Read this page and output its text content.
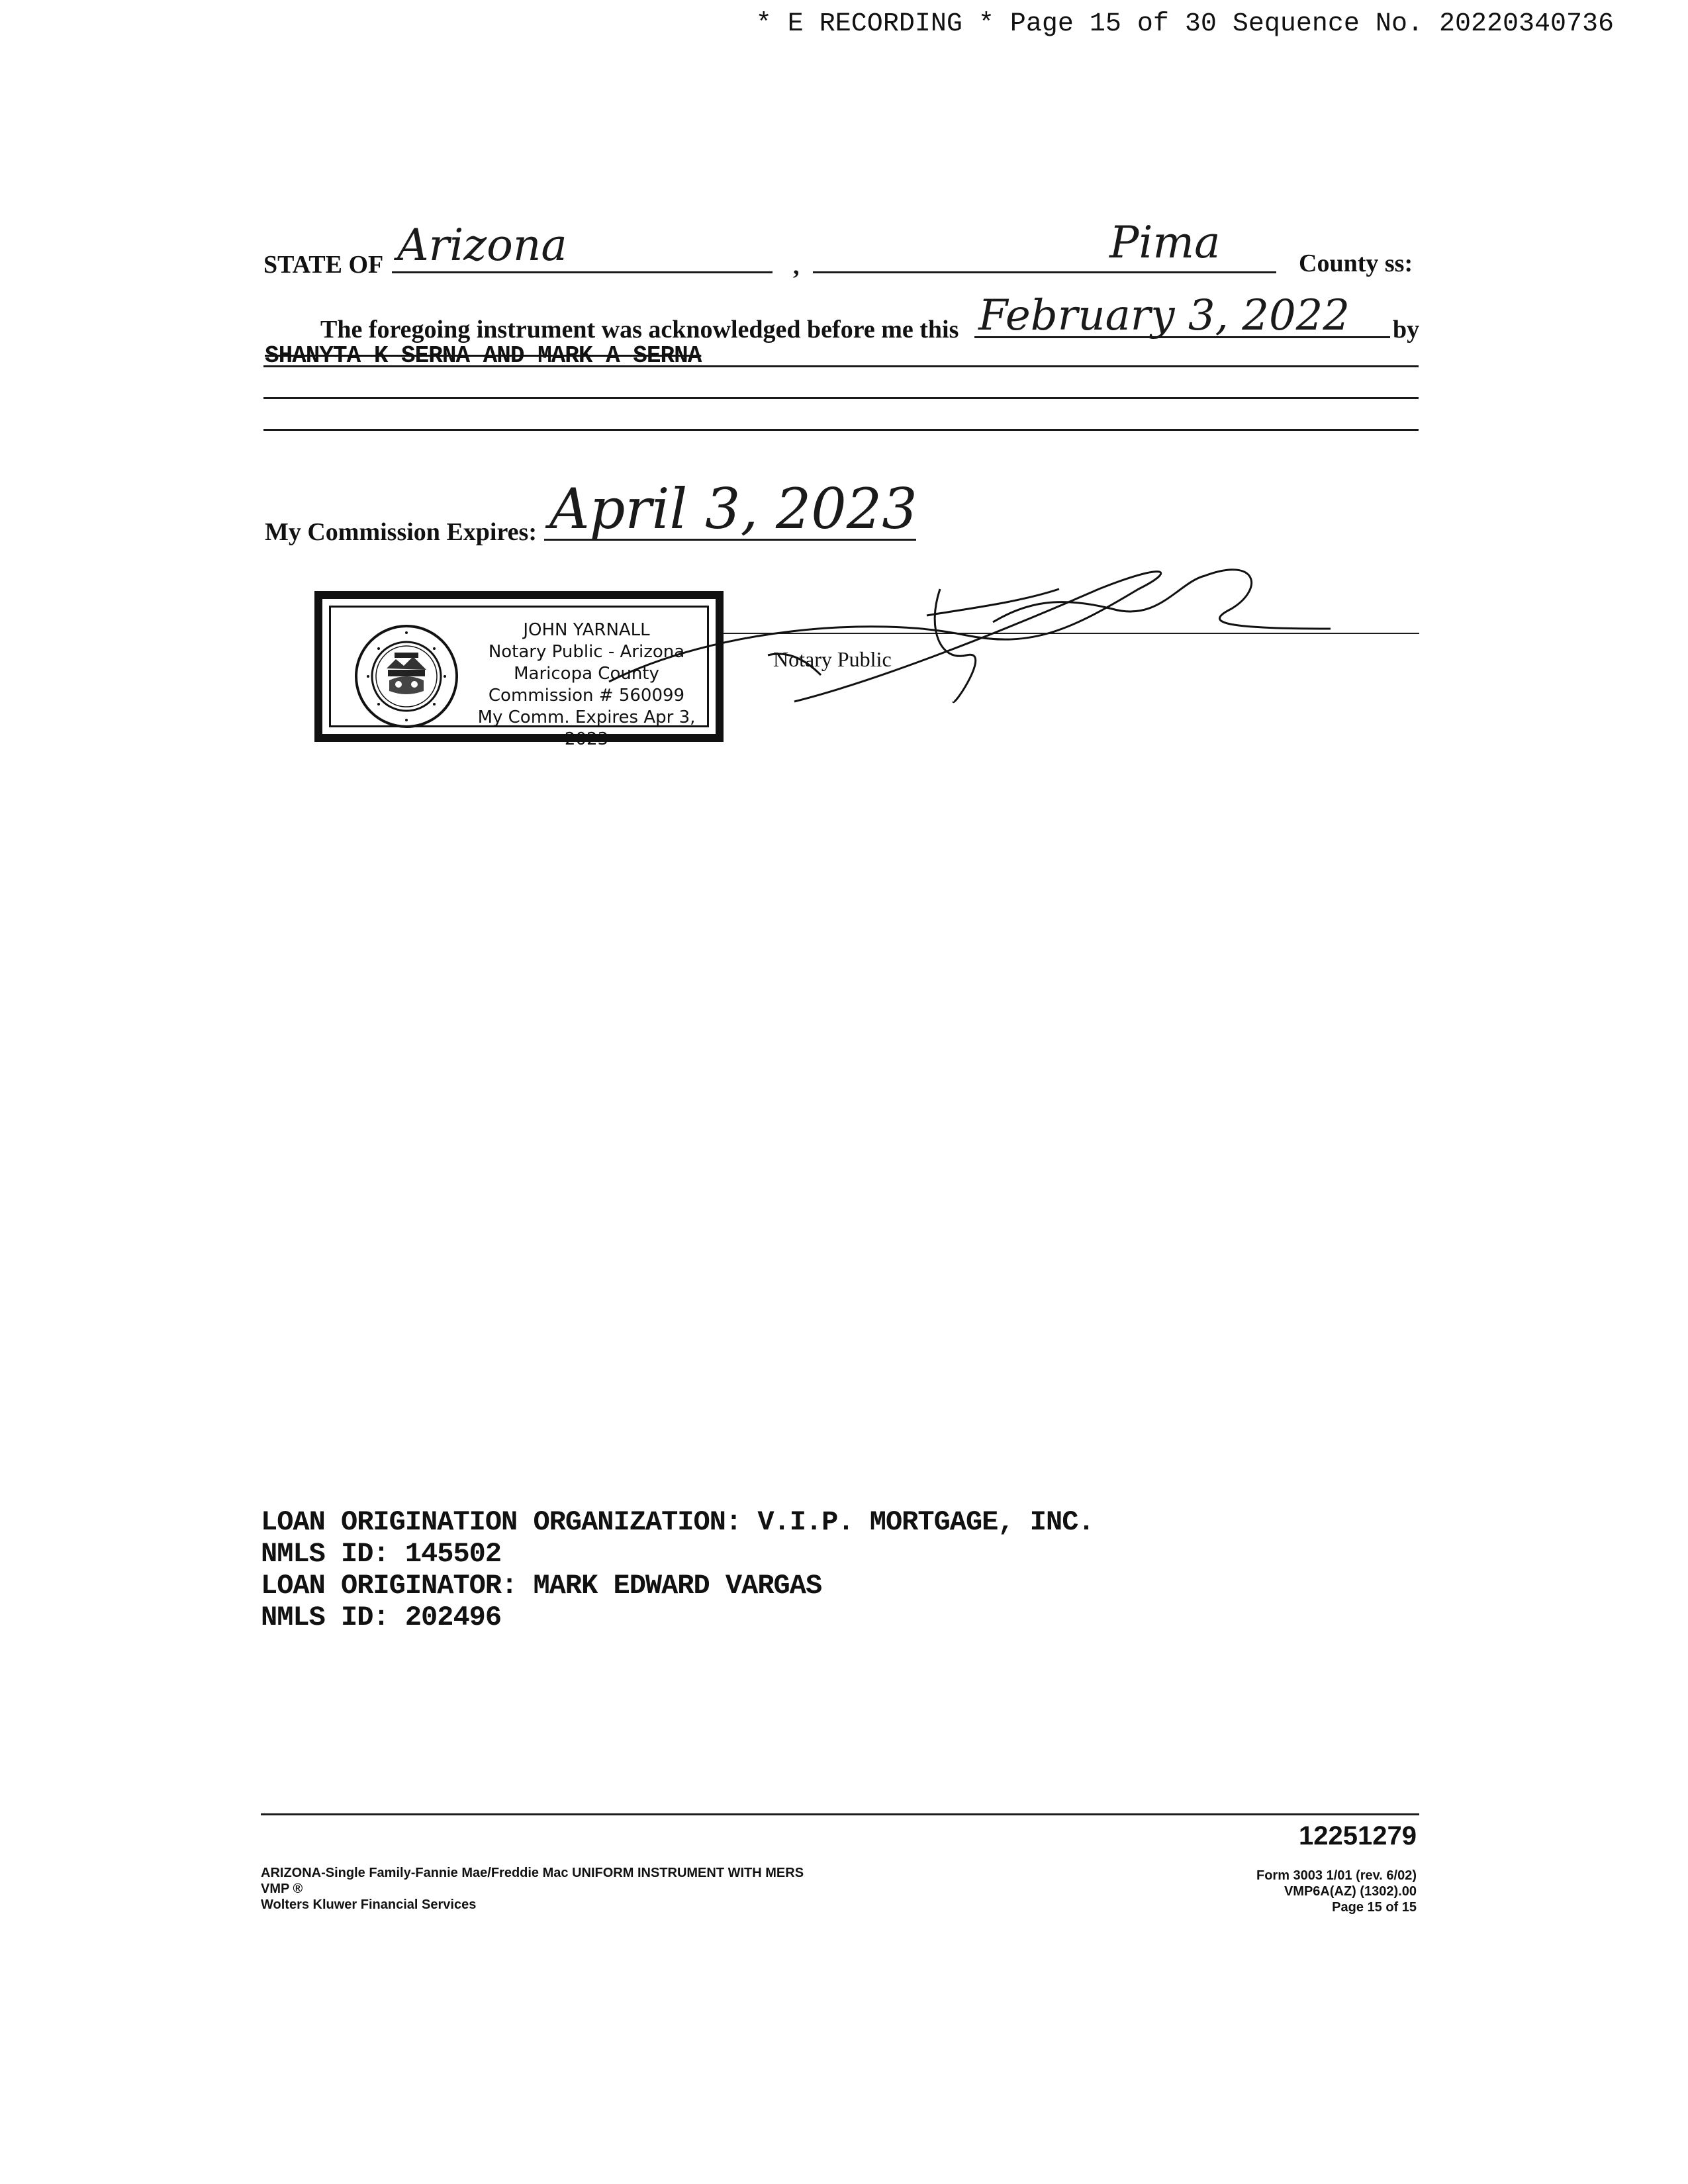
* E RECORDING * Page 15 of 30 Sequence No. 20220340736
STATE OF Arizona	,	Pima	County ss:
The foregoing instrument was acknowledged before me this February 3, 2022 by
SHANYTA K SERNA AND MARK A SERNA
My Commission Expires: April 3, 2023
JOHN YARNALL
Notary Public - Arizona
Maricopa County
Commission # 560099
My Comm. Expires Apr 3, 2023
Notary Public
LOAN ORIGINATION ORGANIZATION: V.I.P. MORTGAGE, INC.
NMLS ID: 145502
LOAN ORIGINATOR: MARK EDWARD VARGAS
NMLS ID: 202496
12251279
ARIZONA-Single Family-Fannie Mae/Freddie Mac UNIFORM INSTRUMENT WITH MERS
VMP ®
Wolters Kluwer Financial Services
Form 3003 1/01 (rev. 6/02)
VMP6A(AZ) (1302).00
Page 15 of 15
